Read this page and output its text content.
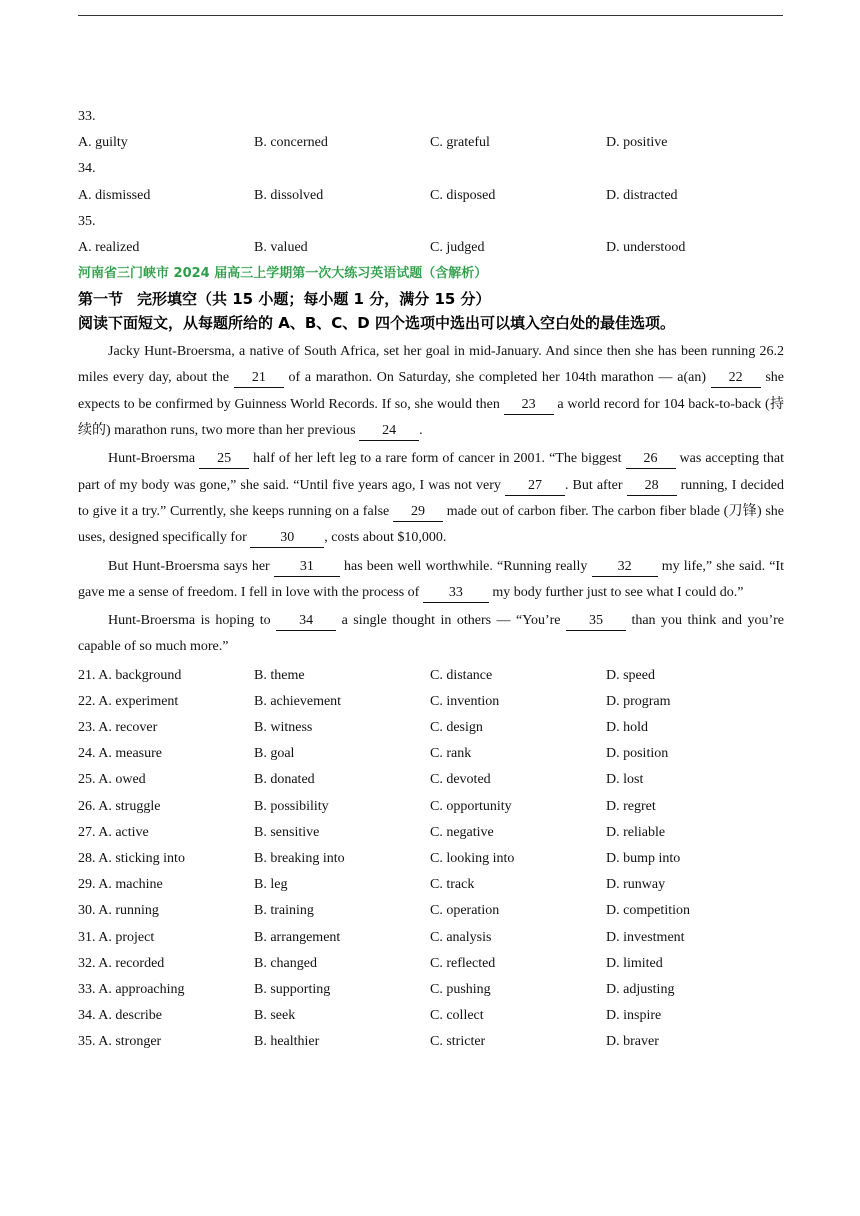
33.
A. guilty	B. concerned	C. grateful	D. positive
34.
A. dismissed	B. dissolved	C. disposed	D. distracted
35.
A. realized	B. valued	C. judged	D. understood
河南省三门峡市 2024 届高三上学期第一次大练习英语试题（含解析）
第一节 完形填空（共 15 小题；每小题 1 分，满分 15 分）
阅读下面短文，从每题所给的 A、B、C、D 四个选项中选出可以填入空白处的最佳选项。

Jacky Hunt-Broersma, a native of South Africa, set her goal in mid-January. And since then she has been running 26.2 miles every day, about the 21 of a marathon. On Saturday, she completed her 104th marathon — a(an) 22 she expects to be confirmed by Guinness World Records. If so, she would then 23 a world record for 104 back-to-back (持续的) marathon runs, two more than her previous 24 .

Hunt-Broersma 25 half of her left leg to a rare form of cancer in 2001. “The biggest 26 was accepting that part of my body was gone,” she said. “Until five years ago, I was not very 27 . But after 28 running, I decided to give it a try.” Currently, she keeps running on a false 29 made out of carbon fiber. The carbon fiber blade (刀锋) she uses, designed specifically for 30 , costs about $10,000.

But Hunt-Broersma says her 31 has been well worthwhile. “Running really 32 my life,” she said. “It gave me a sense of freedom. I fell in love with the process of 33 my body further just to see what I could do.”

Hunt-Broersma is hoping to 34 a single thought in others — “You’re 35 than you think and you’re capable of so much more.”

21. A. background	B. theme	C. distance	D. speed
22. A. experiment	B. achievement	C. invention	D. program
23. A. recover	B. witness	C. design	D. hold
24. A. measure	B. goal	C. rank	D. position
25. A. owed	B. donated	C. devoted	D. lost
26. A. struggle	B. possibility	C. opportunity	D. regret
27. A. active	B. sensitive	C. negative	D. reliable
28. A. sticking into	B. breaking into	C. looking into	D. bump into
29. A. machine	B. leg	C. track	D. runway
30. A. running	B. training	C. operation	D. competition
31. A. project	B. arrangement	C. analysis	D. investment
32. A. recorded	B. changed	C. reflected	D. limited
33. A. approaching	B. supporting	C. pushing	D. adjusting
34. A. describe	B. seek	C. collect	D. inspire
35. A. stronger	B. healthier	C. stricter	D. braver
